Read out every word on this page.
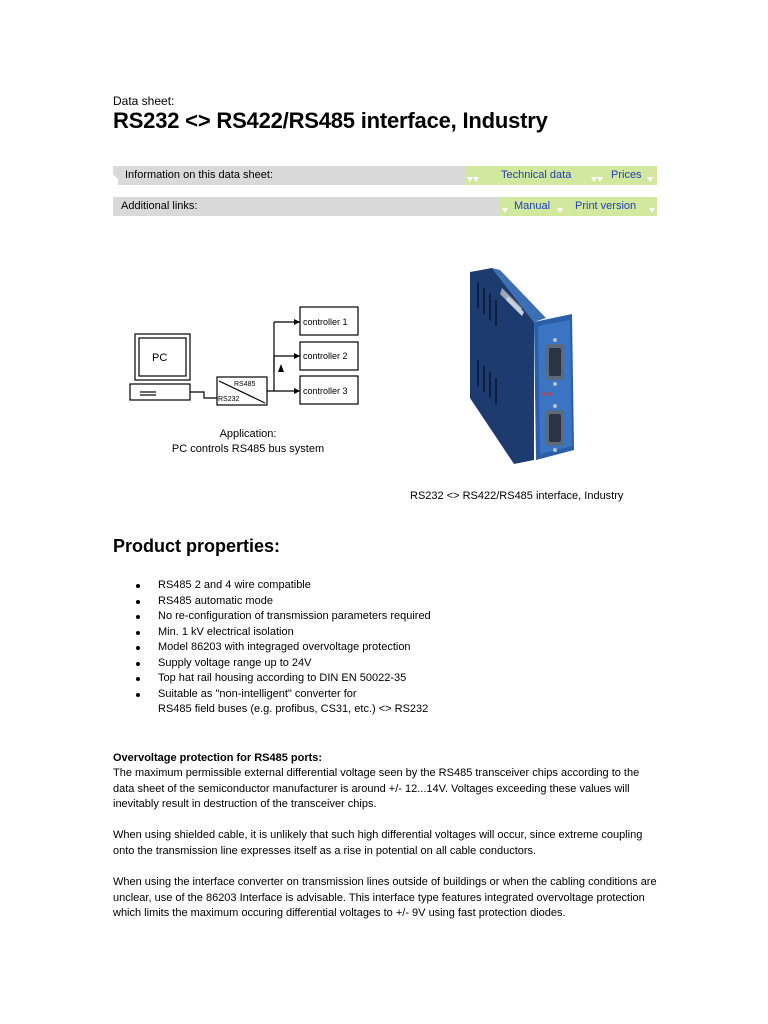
Data sheet:
RS232 <> RS422/RS485 interface, Industry
Information on this data sheet:	Technical data	Prices
Additional links:	Manual Print version
PC
RS485
RS232
controller 1
controller 2
controller 3
Application:
PC controls RS485 bus system
RS232 <> RS422/RS485 interface, Industry
Product properties:
RS485 2 and 4 wire compatible
RS485 automatic mode
No re-configuration of transmission parameters required
Min. 1 kV electrical isolation
Model 86203 with integraged overvoltage protection
Supply voltage range up to 24V
Top hat rail housing according to DIN EN 50022-35
Suitable as "non-intelligent" converter for
RS485 field buses (e.g. profibus, CS31, etc.) <> RS232
Overvoltage protection for RS485 ports:
The maximum permissible external differential voltage seen by the RS485 transceiver chips according to the data sheet of the semiconductor manufacturer is around +/- 12...14V. Voltages exceeding these values will inevitably result in destruction of the transceiver chips.
When using shielded cable, it is unlikely that such high differential voltages will occur, since extreme coupling onto the transmission line expresses itself as a rise in potential on all cable conductors.
When using the interface converter on transmission lines outside of buildings or when the cabling conditions are unclear, use of the 86203 Interface is advisable. This interface type features integrated overvoltage protection which limits the maximum occuring differential voltages to +/- 9V using fast protection diodes.
